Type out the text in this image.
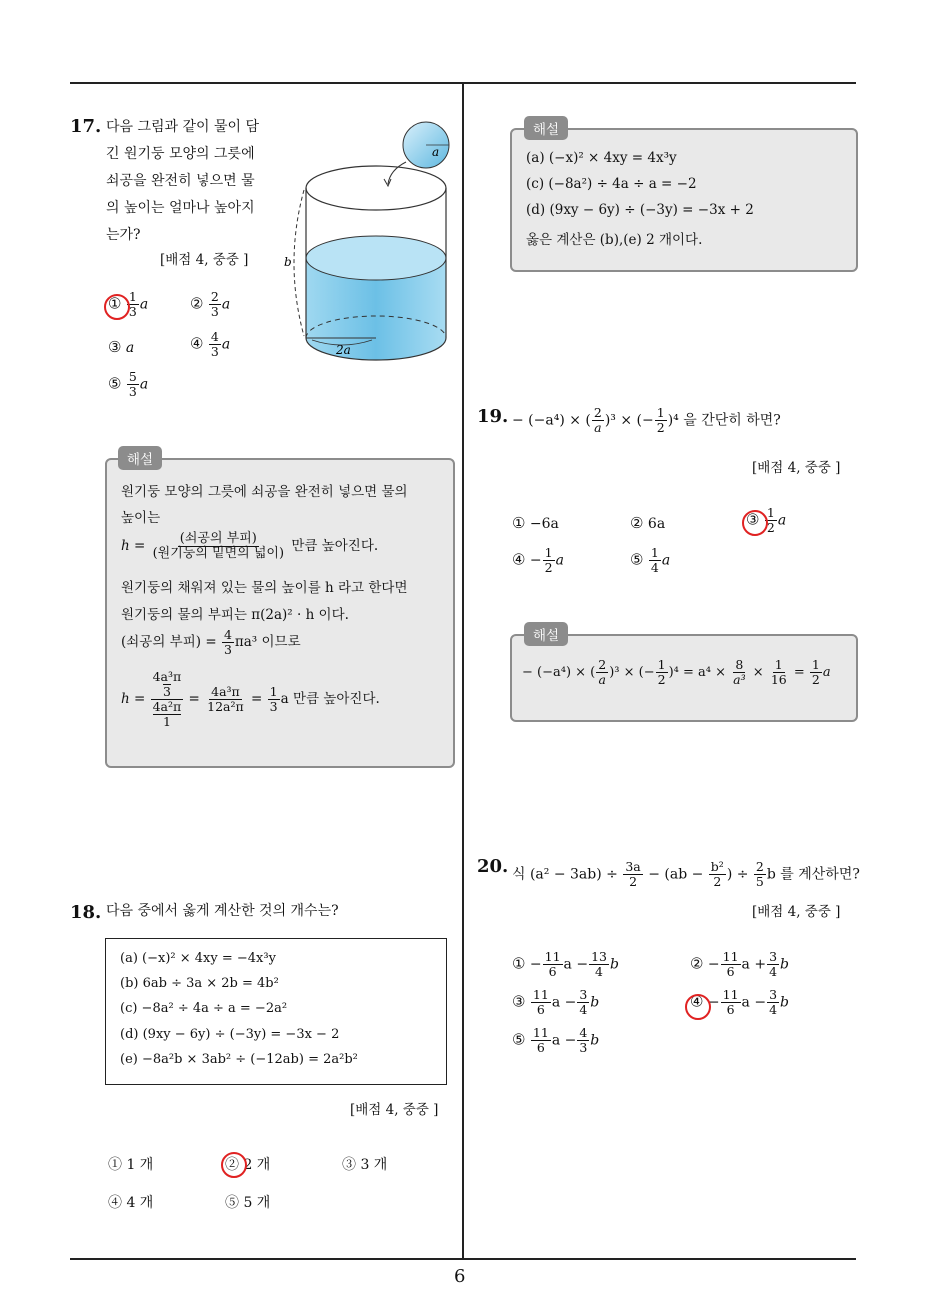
6
17. 다음 그림과 같이 물이 담
긴 원기둥 모양의 그릇에
쇠공을 완전히 넣으면 물
의 높이는 얼마나 높아지
는가?
[배점 4, 중중 ]
① $\frac{1}{3}$ a	② $\frac{2}{3}$ a
③ a	④ $\frac{4}{3}$ a
⑤ $\frac{5}{3}$ a
a
2a
b
원기둥 모양의 그릇에 쇠공을 완전히 넣으면 물의
높이는
$h = \frac{\text{(쇠공의 부피)}}{\text{(원기둥의 밑면의 넓이)}}$ 만큼 높아진다.
원기둥의 채워져 있는 물의 높이를 h 라고 한다면
원기둥의 물의 부피는 π(2a)² · h 이다.
(쇠공의 부피) = $\frac{4}{3} \pi a^3$ 이므로
h = 4a³π
3
4a²π
$1 = \frac{\text{4a³π}}{\text{12a²π}} = \frac{1}{3}$ a 만큼 높아진다.
해설
18. 다음 중에서 옳게 계산한 것의 개수는?
(a) (−x)² × 4xy = −4x³y
(b) 6ab ÷ 3a × 2b = 4b²
(c) −8a² ÷ 4a ÷ a = −2a²
(d) (9xy − 6y) ÷ (−3y) = −3x − 2
(e) −8a²b × 3ab² ÷ (−12ab) = 2a²b²
[배점 4, 중중 ]
① 1 개	② 2 개	③ 3 개
④ 4 개	⑤ 5 개
(a) (−x)² × 4xy = 4x³y
(c) (−8a²) ÷ 4a ÷ a = −2
(d) (9xy − 6y) ÷ (−3y) = −3x + 2
옳은 계산은 (b),(e) 2 개이다.
해설
19. − (−a⁴) × ( $\frac{2}{a} )^3$ × (− $\frac{1}{2} )^4$ 을 간단히 하면?
[배점 4, 중중 ]
① −6a	② 6a	③ $\frac{1}{2}$ a
④ − $\frac{1}{2}$ a	⑤ $\frac{1}{4}$ a
− (−a⁴) × ( $\frac{2}{a} )^3$ × (− $\frac{1}{2} )^4 = a^4 \times \frac{8}{\text{a³}} \times \frac{1}{16} = \frac{1}{2}$ a
해설
20. 식 $(a^2 - 3ab) \div \frac{3a}{2} - (ab - \frac{\text{b²}}{2}$ ) ÷ $\frac{2}{5}$ b 를 계산하면?
[배점 4, 중중 ]
① − $\frac{11}{6}$ $a - \frac{13}{4}$ b	② − $\frac{11}{6}$ $a + \frac{3}{4}$ b
③ $\frac{11}{6}$ $a - \frac{3}{4}$ b	④ − $\frac{11}{6}$ $a - \frac{3}{4}$ b
⑤ $\frac{11}{6}$ $a - \frac{4}{3}$ b
